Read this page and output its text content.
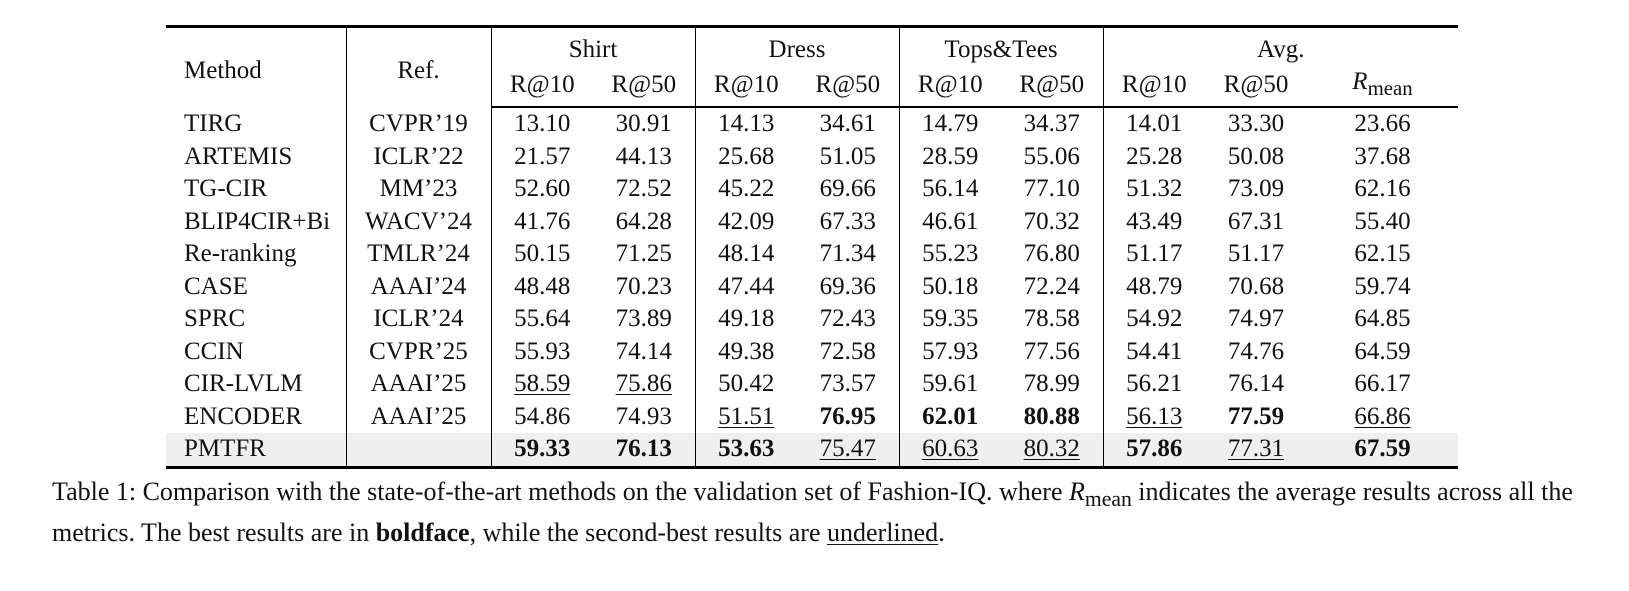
Method	Ref.	Shirt		Dress		Tops&Tees		Avg.		
		R@10	R@50	R@10	R@50	R@10	R@50	R@10	R@50	$R_{mean}$
TIRG	CVPR’19	13.10	30.91	14.13	34.61	14.79	34.37	14.01	33.30	23.66
ARTEMIS	ICLR’22	21.57	44.13	25.68	51.05	28.59	55.06	25.28	50.08	37.68
TG-CIR	MM’23	52.60	72.52	45.22	69.66	56.14	77.10	51.32	73.09	62.16
BLIP4CIR+Bi	WACV’24	41.76	64.28	42.09	67.33	46.61	70.32	43.49	67.31	55.40
Re-ranking	TMLR’24	50.15	71.25	48.14	71.34	55.23	76.80	51.17	51.17	62.15
CASE	AAAI’24	48.48	70.23	47.44	69.36	50.18	72.24	48.79	70.68	59.74
SPRC	ICLR’24	55.64	73.89	49.18	72.43	59.35	78.58	54.92	74.97	64.85
CCIN	CVPR’25	55.93	74.14	49.38	72.58	57.93	77.56	54.41	74.76	64.59
CIR-LVLM	AAAI’25	58.59	75.86	50.42	73.57	59.61	78.99	56.21	76.14	66.17
ENCODER	AAAI’25	54.86	74.93	51.51	76.95	62.01	80.88	56.13	77.59	66.86
PMTFR		59.33	76.13	53.63	75.47	60.63	80.32	57.86	77.31	67.59
Table 1: Comparison with the state-of-the-art methods on the validation set of Fashion-IQ. where $R_{mean}$ indicates the average results across all the metrics. The best results are in boldface, while the second-best results are underlined.
